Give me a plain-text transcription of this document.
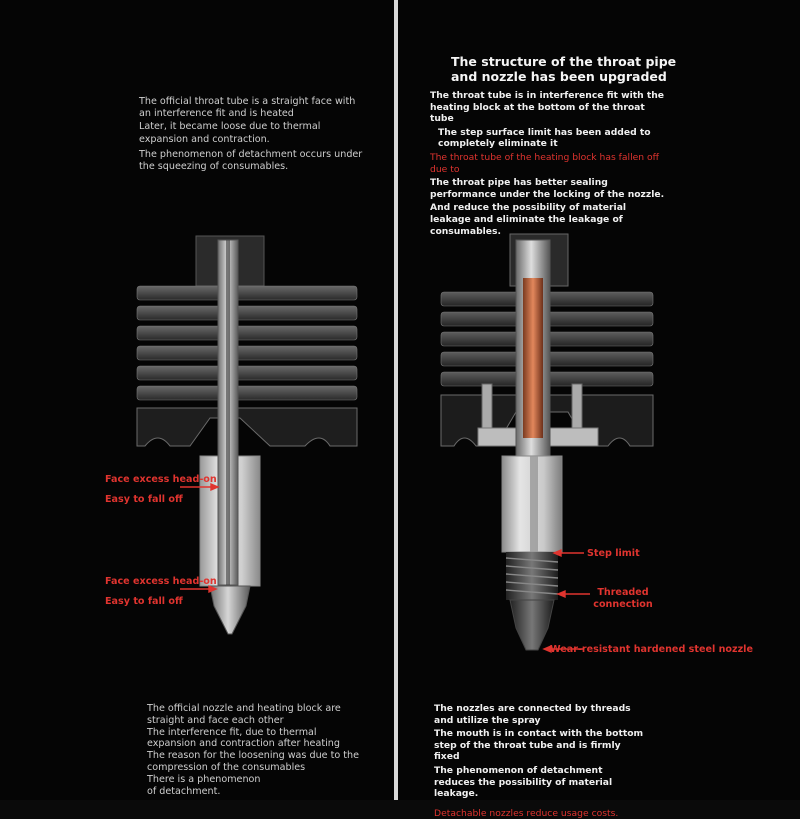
The official throat tube is a straight face with an interference fit and is heated

Later, it became loose due to thermal expansion and contraction.

The phenomenon of detachment occurs under the squeezing of consumables.

Face excess head-on
Easy to fall off
Face excess head-on
Easy to fall off

The official nozzle and heating block are straight and face each other

The interference fit, due to thermal expansion and contraction after heating

The reason for the loosening was due to the compression of the consumables

There is a phenomenon of detachment.

The structure of the throat pipe and nozzle has been upgraded

The throat tube is in interference fit with the heating block at the bottom of the throat tube

The step surface limit has been added to completely eliminate it

The throat tube of the heating block has fallen off due to

The throat pipe has better sealing performance under the locking of the nozzle.

And reduce the possibility of material leakage and eliminate the leakage of consumables.

Step limit
Threaded connection
Wear-resistant hardened steel nozzle

The nozzles are connected by threads and utilize the spray

The mouth is in contact with the bottom step of the throat tube and is firmly fixed

The phenomenon of detachment reduces the possibility of material leakage.

Detachable nozzles reduce usage costs.
